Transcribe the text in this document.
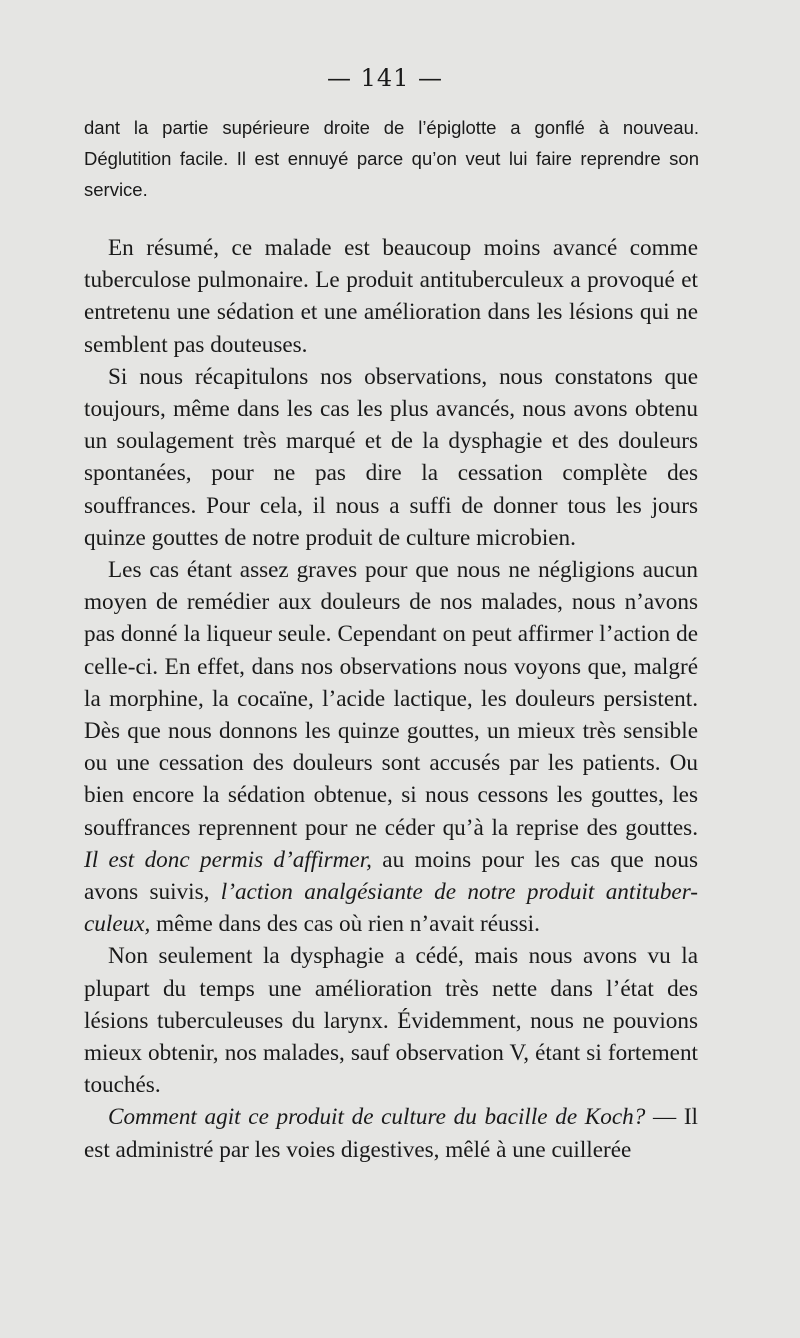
— 141 —

dant la partie supérieure droite de l’épiglotte a gonflé à nouveau. Déglutition facile. Il est ennuyé parce qu’on veut lui faire reprendre son service.

En résumé, ce malade est beaucoup moins avancé comme tuberculose pulmonaire. Le produit antituberculeux a provoqué et entretenu une sédation et une amélioration dans les lésions qui ne semblent pas douteuses.

Si nous récapitulons nos observations, nous constatons que toujours, même dans les cas les plus avancés, nous avons obtenu un soulagement très marqué et de la dysphagie et des douleurs spontanées, pour ne pas dire la cessation complète des souffrances. Pour cela, il nous a suffi de donner tous les jours quinze gouttes de notre produit de culture microbien.

Les cas étant assez graves pour que nous ne négligions aucun moyen de remédier aux douleurs de nos malades, nous n’avons pas donné la liqueur seule. Cependant on peut affirmer l’action de celle-ci. En effet, dans nos observations nous voyons que, malgré la morphine, la cocaïne, l’acide lactique, les douleurs persistent. Dès que nous donnons les quinze gouttes, un mieux très sensible ou une cessation des douleurs sont accusés par les patients. Ou bien encore la sédation obtenue, si nous cessons les gouttes, les souffrances reprennent pour ne céder qu’à la reprise des gouttes. Il est donc permis d’affirmer, au moins pour les cas que nous avons suivis, l’action analgésiante de notre produit antituber-culeux, même dans des cas où rien n’avait réussi.

Non seulement la dysphagie a cédé, mais nous avons vu la plupart du temps une amélioration très nette dans l’état des lésions tuberculeuses du larynx. Évidemment, nous ne pouvions mieux obtenir, nos malades, sauf observation V, étant si fortement touchés.

Comment agit ce produit de culture du bacille de Koch? — Il est administré par les voies digestives, mêlé à une cuillerée
